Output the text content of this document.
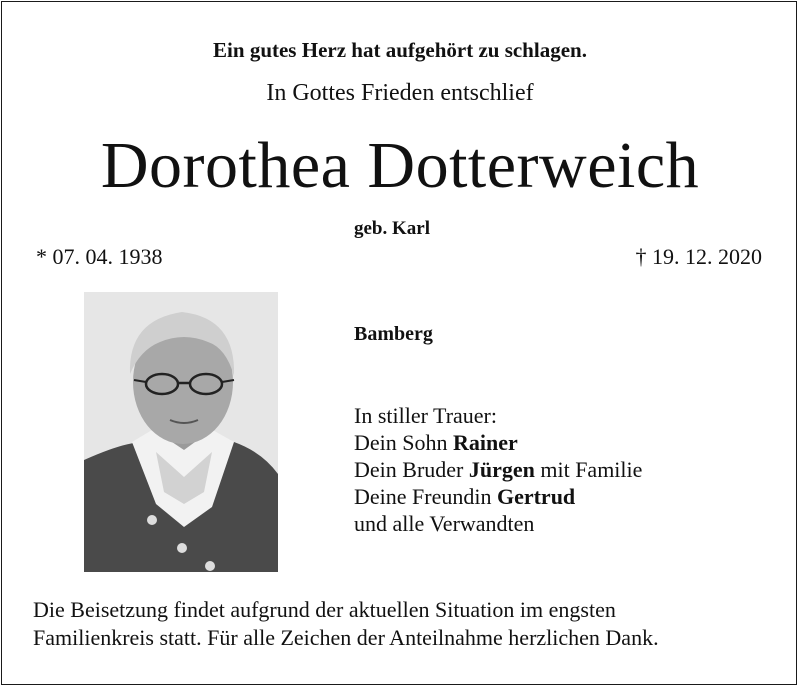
Ein gutes Herz hat aufgehört zu schlagen.
In Gottes Frieden entschlief
Dorothea Dotterweich
geb. Karl
* 07. 04. 1938	† 19. 12. 2020
Bamberg
In stiller Trauer:
Dein Sohn Rainer
Dein Bruder Jürgen mit Familie
Deine Freundin Gertrud
und alle Verwandten
Die Beisetzung findet aufgrund der aktuellen Situation im engsten
Familienkreis statt. Für alle Zeichen der Anteilnahme herzlichen Dank.
